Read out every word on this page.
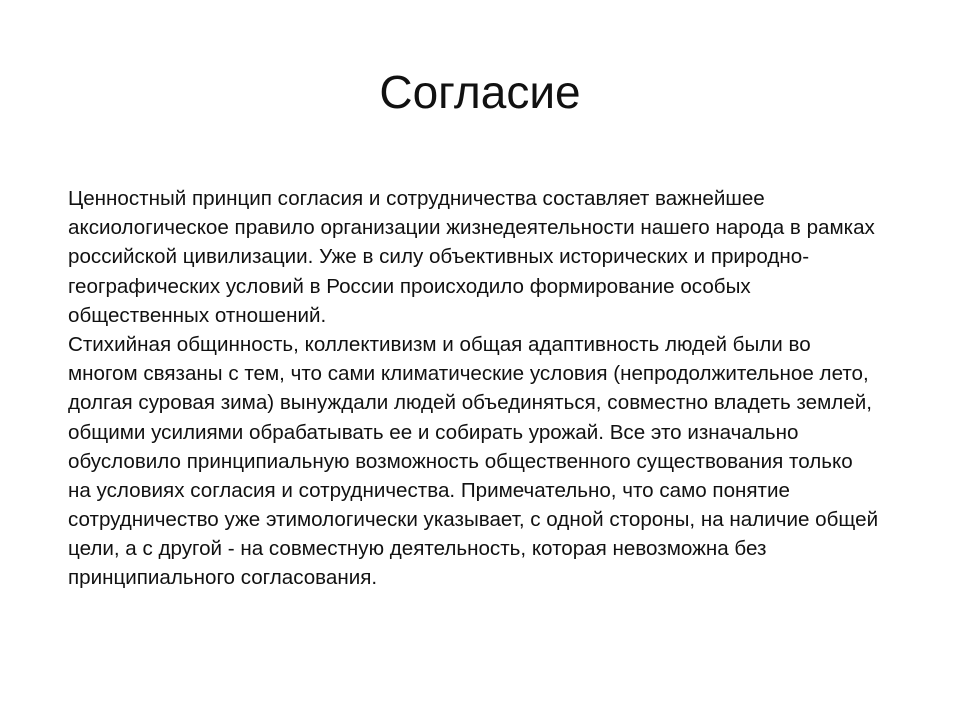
Согласие
Ценностный принцип согласия и сотрудничества составляет важнейшее
аксиологическое правило организации жизнедеятельности нашего народа в рамках
российской цивилизации. Уже в силу объективных исторических и природно-
географических условий в России происходило формирование особых
общественных отношений.
Стихийная общинность, коллективизм и общая адаптивность людей были во
многом связаны с тем, что сами климатические условия (непродолжительное лето,
долгая суровая зима) вынуждали людей объединяться, совместно владеть землей,
общими усилиями обрабатывать ее и собирать урожай. Все это изначально
обусловило принципиальную возможность общественного существования только
на условиях согласия и сотрудничества. Примечательно, что само понятие
сотрудничество уже этимологически указывает, с одной стороны, на наличие общей
цели, а с другой - на совместную деятельность, которая невозможна без
принципиального согласования.
